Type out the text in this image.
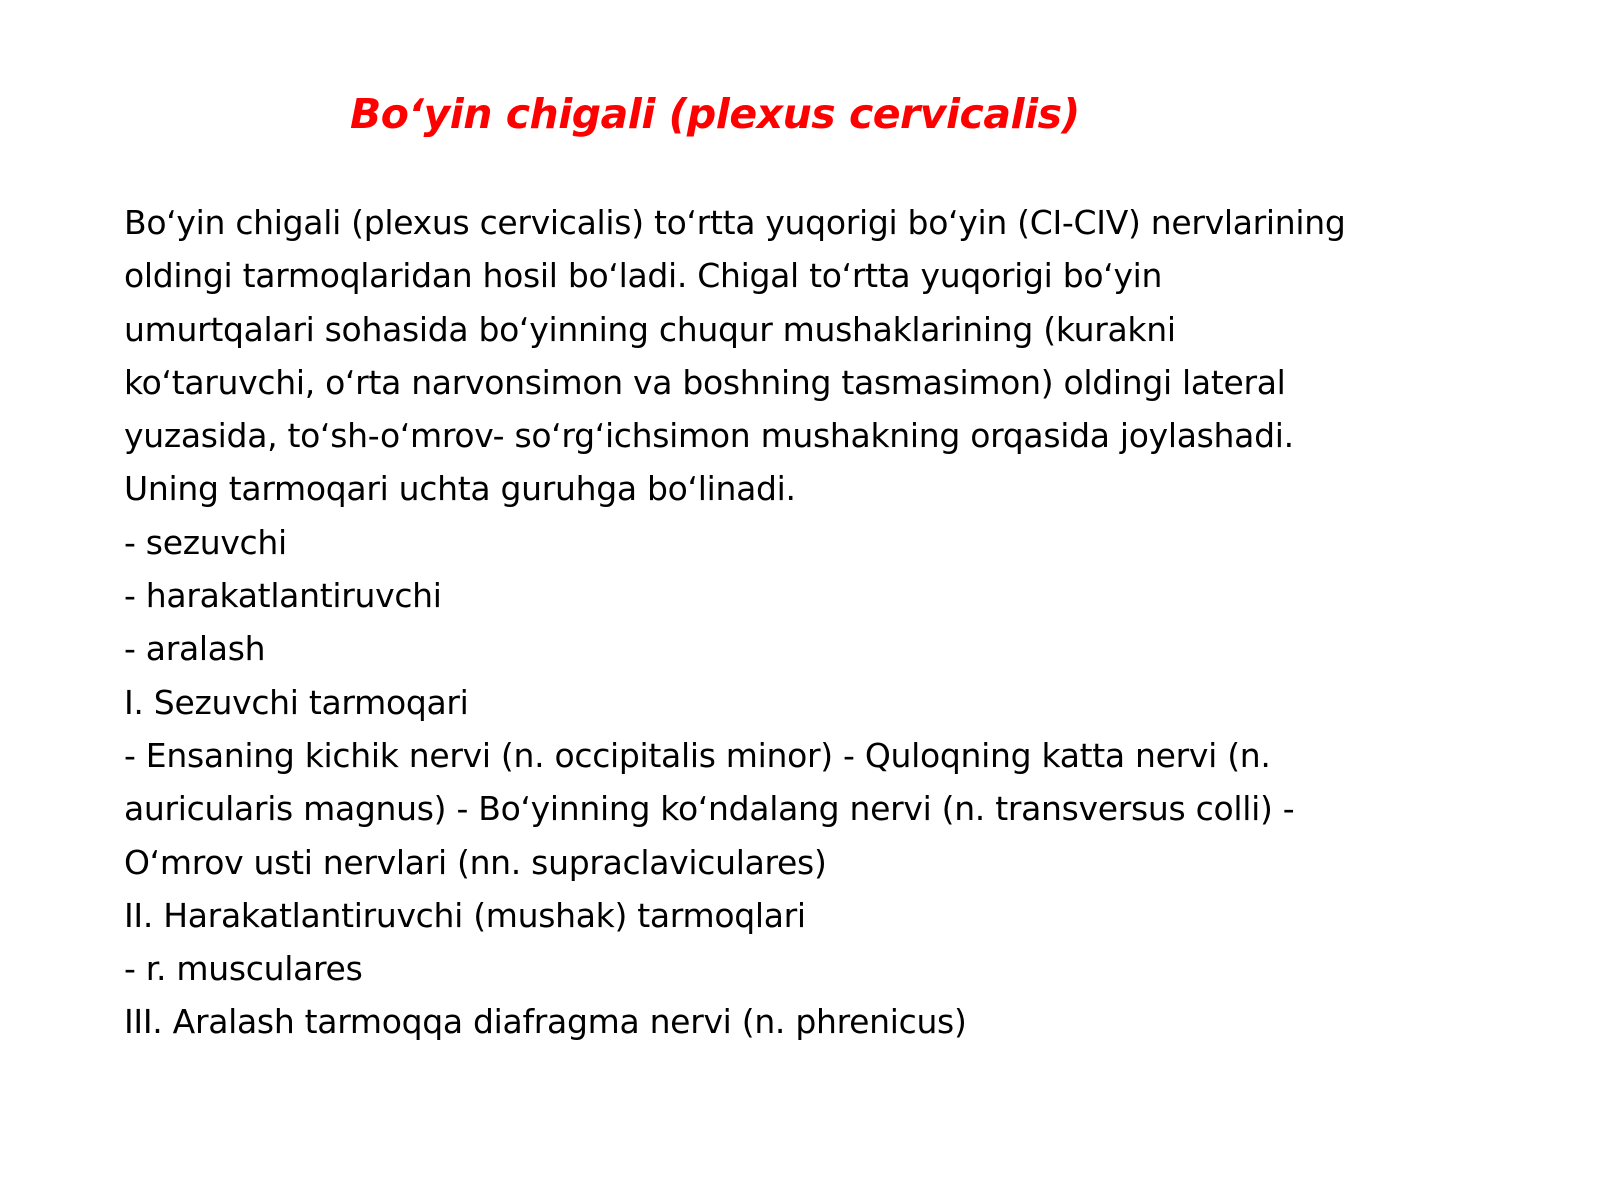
Bo‘yin chigali (plexus cervicalis)
Bo‘yin chigali (plexus cervicalis) to‘rtta yuqorigi bo‘yin (CI-CIV) nervlarining
oldingi tarmoqlaridan hosil bo‘ladi. Chigal to‘rtta yuqorigi bo‘yin
umurtqalari sohasida bo‘yinning chuqur mushaklarining (kurakni
ko‘taruvchi, o‘rta narvonsimon va boshning tasmasimon) oldingi lateral
yuzasida, to‘sh-o‘mrov- so‘rg‘ichsimon mushakning orqasida joylashadi.
Uning tarmoqari uchta guruhga bo‘linadi.
- sezuvchi
- harakatlantiruvchi
- aralash
I. Sezuvchi tarmoqari
- Ensaning kichik nervi (n. occipitalis minor) - Quloqning katta nervi (n.
auricularis magnus) - Bo‘yinning ko‘ndalang nervi (n. transversus colli) -
O‘mrov usti nervlari (nn. supraclaviculares)
II. Harakatlantiruvchi (mushak) tarmoqlari
- r. musculares
III. Aralash tarmoqqa diafragma nervi (n. phrenicus)
